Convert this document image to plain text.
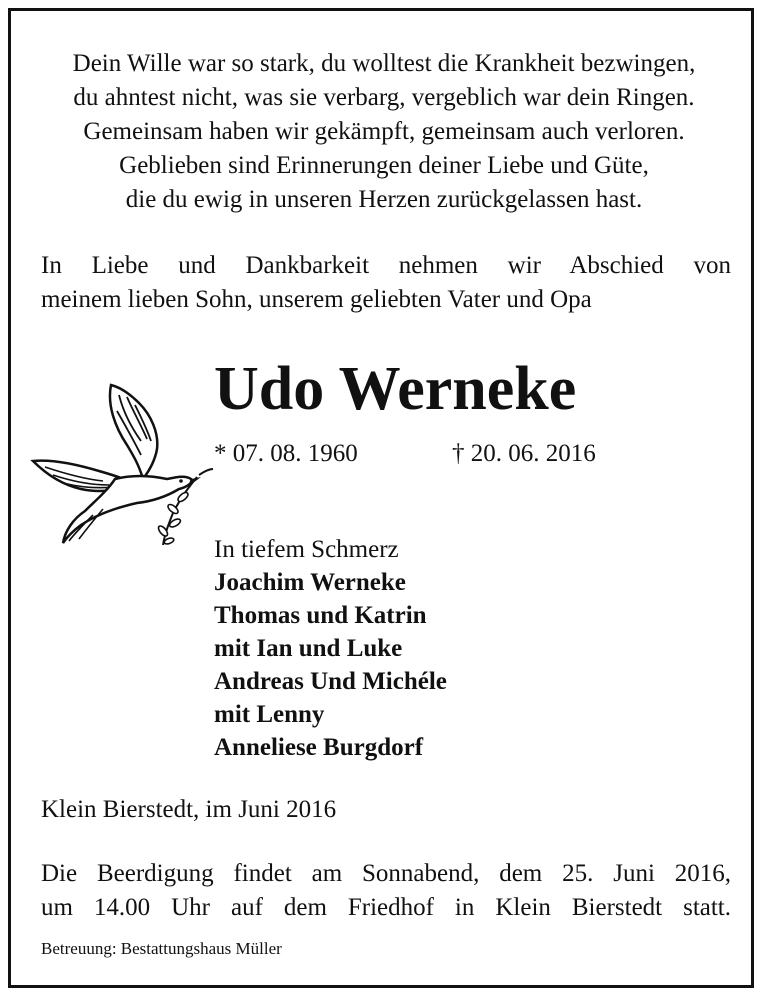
Dein Wille war so stark, du wolltest die Krankheit bezwingen,
du ahntest nicht, was sie verbarg, vergeblich war dein Ringen.
Gemeinsam haben wir gekämpft, gemeinsam auch verloren.
Geblieben sind Erinnerungen deiner Liebe und Güte,
die du ewig in unseren Herzen zurückgelassen hast.
In Liebe und Dankbarkeit nehmen wir Abschied von
meinem lieben Sohn, unserem geliebten Vater und Opa
Udo Werneke
* 07. 08. 1960	† 20. 06. 2016
In tiefem Schmerz
Joachim Werneke
Thomas und Katrin
mit Ian und Luke
Andreas Und Michéle
mit Lenny
Anneliese Burgdorf
Klein Bierstedt, im Juni 2016
Die Beerdigung findet am Sonnabend, dem 25. Juni 2016,
um 14.00 Uhr auf dem Friedhof in Klein Bierstedt statt.
Betreuung: Bestattungshaus Müller
